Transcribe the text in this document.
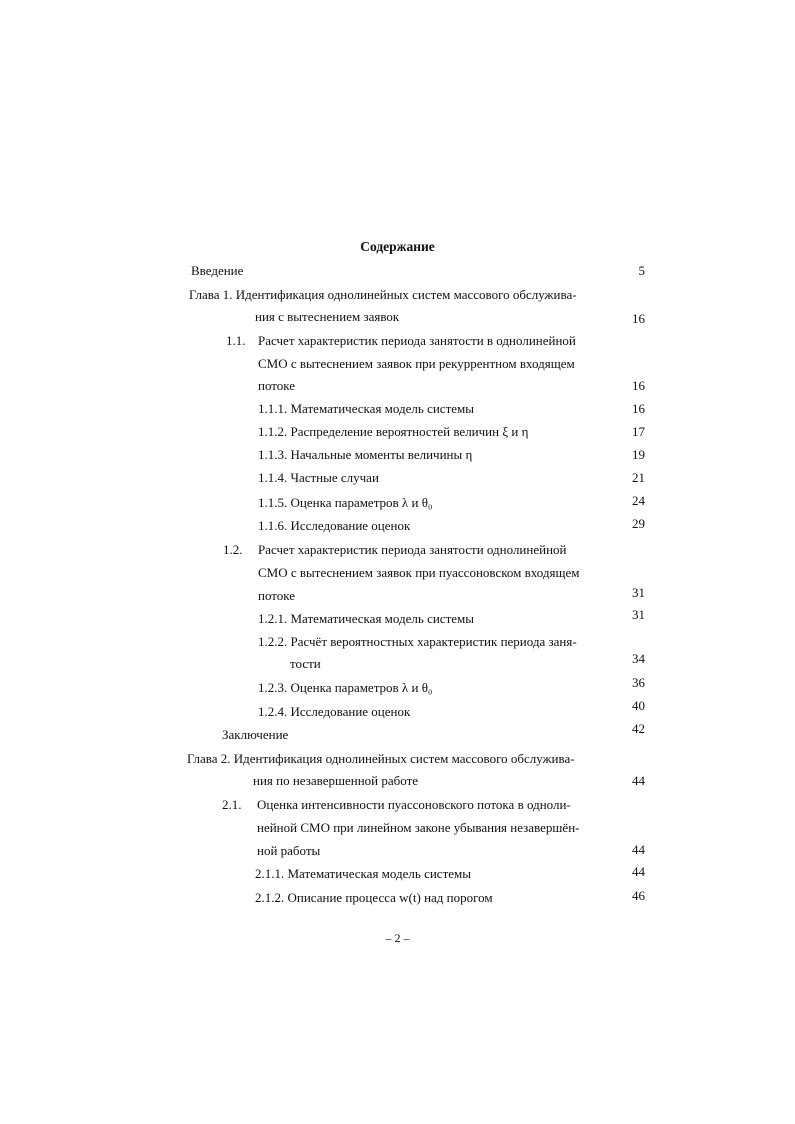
Содержание
Введение	5
Глава 1. Идентификация однолинейных систем массового обслужива-
ния с вытеснением заявок	16
1.1. Расчет характеристик периода занятости в однолинейной
СМО с вытеснением заявок при рекуррентном входящем
потоке	16
1.1.1. Математическая модель системы	16
1.1.2. Распределение вероятностей величин ξ и η	17
1.1.3. Начальные моменты величины η	19
1.1.4. Частные случаи	21
1.1.5. Оценка параметров λ и θ₀	24
1.1.6. Исследование оценок	29
1.2. Расчет характеристик периода занятости однолинейной
СМО с вытеснением заявок при пуассоновском входящем
потоке	31
1.2.1. Математическая модель системы	31
1.2.2. Расчёт вероятностных характеристик периода заня-
тости	34
1.2.3. Оценка параметров λ и θ₀	36
1.2.4. Исследование оценок	40
Заключение	42
Глава 2. Идентификация однолинейных систем массового обслужива-
ния по незавершенной работе	44
2.1. Оценка интенсивности пуассоновского потока в одноли-
нейной СМО при линейном законе убывания незавершён-
ной работы	44
2.1.1. Математическая модель системы	44
2.1.2. Описание процесса w(t) над порогом	46
– 2 –
